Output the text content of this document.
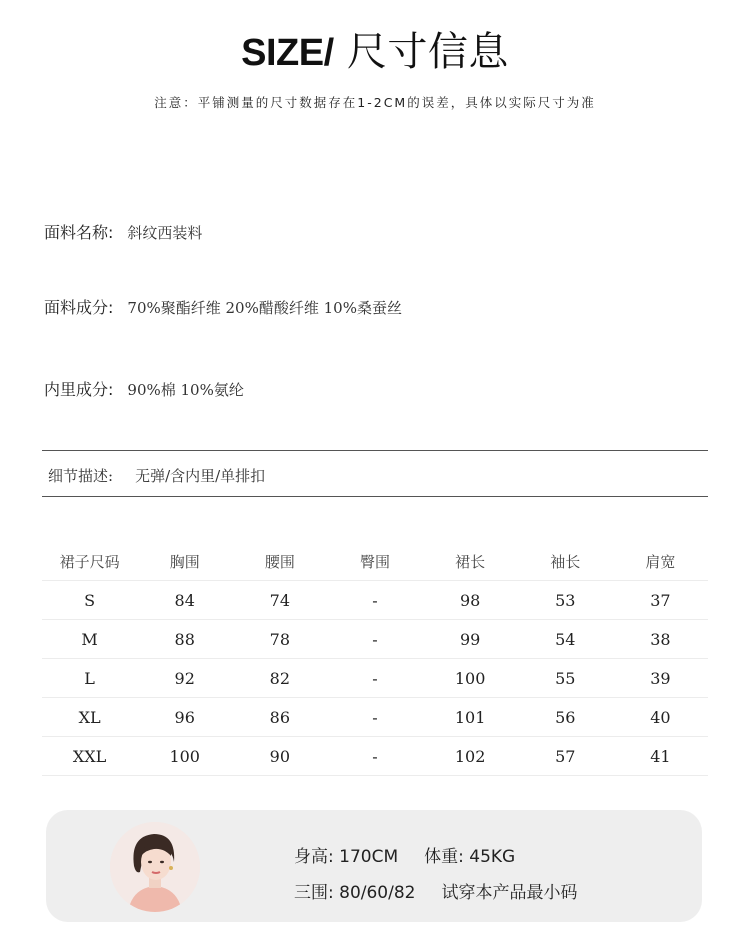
SIZE/ 尺寸信息
注意：平铺测量的尺寸数据存在1-2CM的误差，具体以实际尺寸为准
面料名称: 斜纹西装料
面料成分: 70%聚酯纤维 20%醋酸纤维 10%桑蚕丝
内里成分: 90%棉 10%氨纶
细节描述: 无弹/含内里/单排扣
裙子尺码	胸围	腰围	臀围	裙长	袖长	肩宽
S	84	74	-	98	53	37
M	88	78	-	99	54	38
L	92	82	-	100	55	39
XL	96	86	-	101	56	40
XXL	100	90	-	102	57	41
身高: 170CM 体重: 45KG
三围: 80/60/82 试穿本产品最小码
